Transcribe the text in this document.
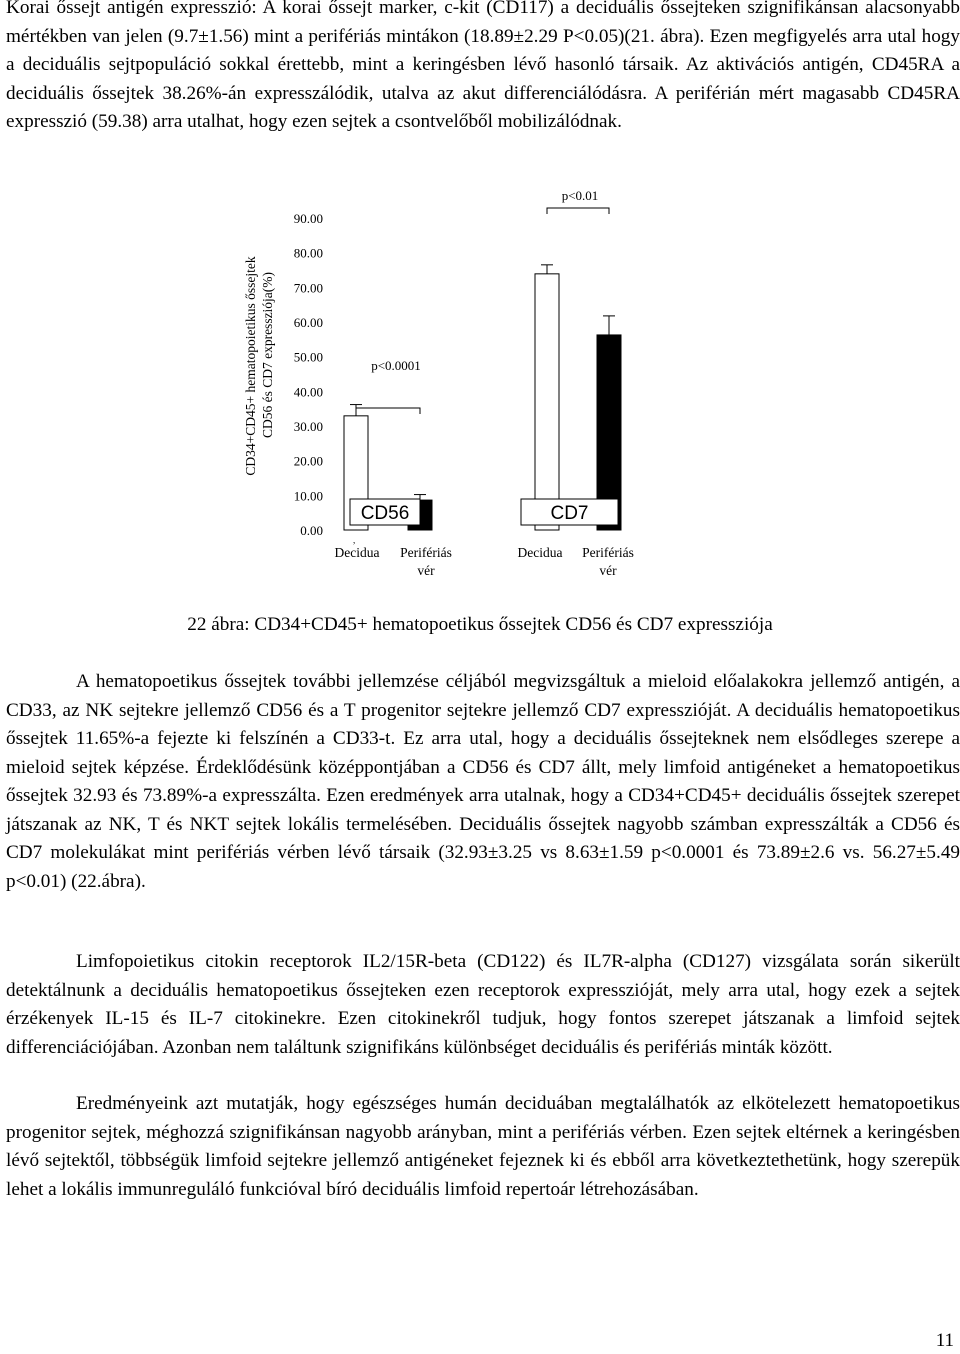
Korai őssejt antigén expresszió: A korai őssejt marker, c-kit (CD117) a deciduális őssejteken szignifikánsan alacsonyabb mértékben van jelen (9.7±1.56) mint a perifériás mintákon (18.89±2.29 P<0.05)(21. ábra). Ezen megfigyelés arra utal hogy a deciduális sejtpopuláció sokkal érettebb, mint a keringésben lévő hasonló társaik. Az aktivációs antigén, CD45RA a deciduális őssejtek 38.26%-án expresszálódik, utalva az akut differenciálódásra. A periférián mért magasabb CD45RA expresszió (59.38) arra utalhat, hogy ezen sejtek a csontvelőből mobilizálódnak.

CD34+CD45+ hematopoietikus őssejtek CD56 és CD7 expressziója(%)
0.00
10.00
20.00
30.00
40.00
50.00
60.00
70.00
80.00
90.00
CD56	CD7
p<0.0001
p<0.01
,
Decidua Perifériás
vér
Decidua Perifériás
vér
22 ábra: CD34+CD45+ hematopoetikus őssejtek CD56 és CD7 expressziója

A hematopoetikus őssejtek további jellemzése céljából megvizsgáltuk a mieloid előalakokra jellemző antigén, a CD33, az NK sejtekre jellemző CD56 és a T progenitor sejtekre jellemző CD7 expresszióját. A deciduális hematopoetikus őssejtek 11.65%-a fejezte ki felszínén a CD33-t. Ez arra utal, hogy a deciduális őssejteknek nem elsődleges szerepe a mieloid sejtek képzése. Érdeklődésünk középpontjában a CD56 és CD7 állt, mely limfoid antigéneket a hematopoetikus őssejtek 32.93 és 73.89%-a expresszálta. Ezen eredmények arra utalnak, hogy a CD34+CD45+ deciduális őssejtek szerepet játszanak az NK, T és NKT sejtek lokális termelésében. Deciduális őssejtek nagyobb számban expresszálták a CD56 és CD7 molekulákat mint perifériás vérben lévő társaik (32.93±3.25 vs 8.63±1.59 p<0.0001 és 73.89±2.6 vs. 56.27±5.49 p<0.01) (22.ábra).

Limfopoietikus citokin receptorok IL2/15R-beta (CD122) és IL7R-alpha (CD127) vizsgálata során sikerült detektálnunk a deciduális hematopoetikus őssejteken ezen receptorok expresszióját, mely arra utal, hogy ezek a sejtek érzékenyek IL-15 és IL-7 citokinekre. Ezen citokinekről tudjuk, hogy fontos szerepet játszanak a limfoid sejtek differenciációjában. Azonban nem találtunk szignifikáns különbséget deciduális és perifériás minták között.

Eredményeink azt mutatják, hogy egészséges humán deciduában megtalálhatók az elkötelezett hematopoetikus progenitor sejtek, méghozzá szignifikánsan nagyobb arányban, mint a perifériás vérben. Ezen sejtek eltérnek a keringésben lévő sejtektől, többségük limfoid sejtekre jellemző antigéneket fejeznek ki és ebből arra következtethetünk, hogy szerepük lehet a lokális immunreguláló funkcióval bíró deciduális limfoid repertoár létrehozásában.

11
